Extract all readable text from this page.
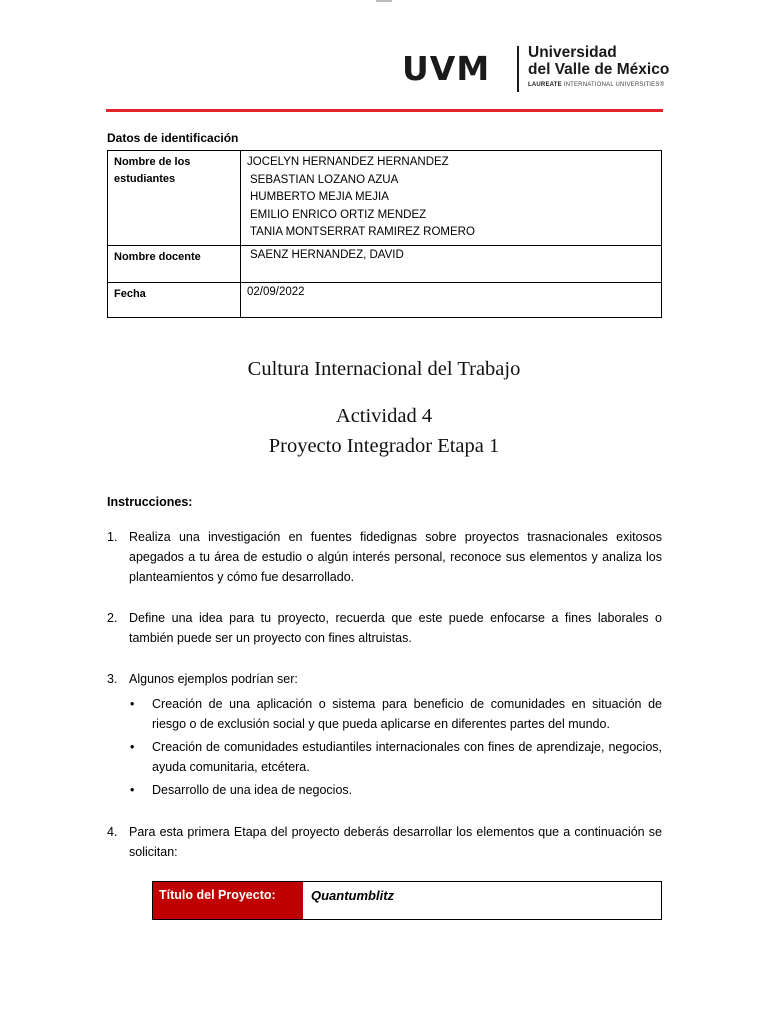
UVM Universidad
del Valle de México
LAUREATE INTERNATIONAL UNIVERSITIES®
Datos de identificación
Nombre de los estudiantes	JOCELYN HERNANDEZ HERNANDEZ
SEBASTIAN LOZANO AZUA
HUMBERTO MEJIA MEJIA
EMILIO ENRICO ORTIZ MENDEZ
TANIA MONTSERRAT RAMIREZ ROMERO

Nombre docente	SAENZ HERNANDEZ, DAVID
Fecha	02/09/2022
Cultura Internacional del Trabajo
Actividad 4
Proyecto Integrador Etapa 1
Instrucciones:
1. Realiza una investigación en fuentes fidedignas sobre proyectos trasnacionales exitosos apegados a tu área de estudio o algún interés personal, reconoce sus elementos y analiza los planteamientos y cómo fue desarrollado.
2. Define una idea para tu proyecto, recuerda que este puede enfocarse a fines laborales o también puede ser un proyecto con fines altruistas.
3. Algunos ejemplos podrían ser:
• Creación de una aplicación o sistema para beneficio de comunidades en situación de riesgo o de exclusión social y que pueda aplicarse en diferentes partes del mundo.
• Creación de comunidades estudiantiles internacionales con fines de aprendizaje, negocios, ayuda comunitaria, etcétera.
• Desarrollo de una idea de negocios.
4. Para esta primera Etapa del proyecto deberás desarrollar los elementos que a continuación se solicitan:
Título del Proyecto:	Quantumblitz
